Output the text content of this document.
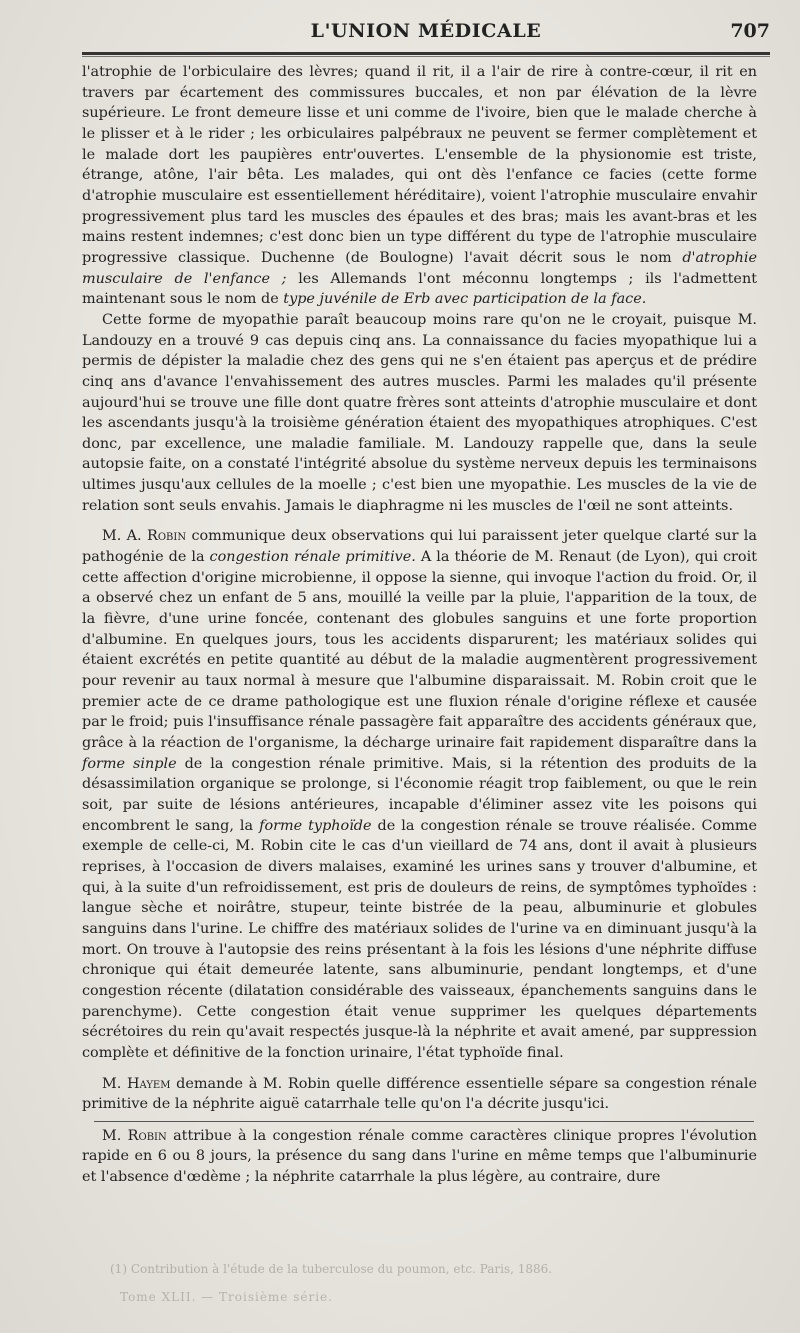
L'UNION MÉDICALE	707

l'atrophie de l'orbiculaire des lèvres; quand il rit, il a l'air de rire à contre-cœur, il rit en travers par écartement des commissures buccales, et non par élévation de la lèvre supérieure. Le front demeure lisse et uni comme de l'ivoire, bien que le malade cherche à le plisser et à le rider ; les orbiculaires palpébraux ne peuvent se fermer complètement et le malade dort les paupières entr'ouvertes. L'ensemble de la physionomie est triste, étrange, atône, l'air bêta. Les malades, qui ont dès l'enfance ce facies (cette forme d'atrophie musculaire est essentiellement héréditaire), voient l'atrophie musculaire envahir progressivement plus tard les muscles des épaules et des bras; mais les avant-bras et les mains restent indemnes; c'est donc bien un type différent du type de l'atrophie musculaire progressive classique. Duchenne (de Boulogne) l'avait décrit sous le nom d'atrophie musculaire de l'enfance ; les Allemands l'ont méconnu longtemps ; ils l'admettent maintenant sous le nom de type juvénile de Erb avec participation de la face.

Cette forme de myopathie paraît beaucoup moins rare qu'on ne le croyait, puisque M. Landouzy en a trouvé 9 cas depuis cinq ans. La connaissance du facies myopathique lui a permis de dépister la maladie chez des gens qui ne s'en étaient pas aperçus et de prédire cinq ans d'avance l'envahissement des autres muscles. Parmi les malades qu'il présente aujourd'hui se trouve une fille dont quatre frères sont atteints d'atrophie musculaire et dont les ascendants jusqu'à la troisième génération étaient des myopathiques atrophiques. C'est donc, par excellence, une maladie familiale. M. Landouzy rappelle que, dans la seule autopsie faite, on a constaté l'intégrité absolue du système nerveux depuis les terminaisons ultimes jusqu'aux cellules de la moelle ; c'est bien une myopathie. Les muscles de la vie de relation sont seuls envahis. Jamais le diaphragme ni les muscles de l'œil ne sont atteints.

M. A. Robin communique deux observations qui lui paraissent jeter quelque clarté sur la pathogénie de la congestion rénale primitive. A la théorie de M. Renaut (de Lyon), qui croit cette affection d'origine microbienne, il oppose la sienne, qui invoque l'action du froid. Or, il a observé chez un enfant de 5 ans, mouillé la veille par la pluie, l'apparition de la toux, de la fièvre, d'une urine foncée, contenant des globules sanguins et une forte proportion d'albumine. En quelques jours, tous les accidents disparurent; les matériaux solides qui étaient excrétés en petite quantité au début de la maladie augmentèrent progressivement pour revenir au taux normal à mesure que l'albumine disparaissait. M. Robin croit que le premier acte de ce drame pathologique est une fluxion rénale d'origine réflexe et causée par le froid; puis l'insuffisance rénale passagère fait apparaître des accidents généraux que, grâce à la réaction de l'organisme, la décharge urinaire fait rapidement disparaître dans la forme sinple de la congestion rénale primitive. Mais, si la rétention des produits de la désassimilation organique se prolonge, si l'économie réagit trop faiblement, ou que le rein soit, par suite de lésions antérieures, incapable d'éliminer assez vite les poisons qui encombrent le sang, la forme typhoïde de la congestion rénale se trouve réalisée. Comme exemple de celle-ci, M. Robin cite le cas d'un vieillard de 74 ans, dont il avait à plusieurs reprises, à l'occasion de divers malaises, examiné les urines sans y trouver d'albumine, et qui, à la suite d'un refroidissement, est pris de douleurs de reins, de symptômes typhoïdes : langue sèche et noirâtre, stupeur, teinte bistrée de la peau, albuminurie et globules sanguins dans l'urine. Le chiffre des matériaux solides de l'urine va en diminuant jusqu'à la mort. On trouve à l'autopsie des reins présentant à la fois les lésions d'une néphrite diffuse chronique qui était demeurée latente, sans albuminurie, pendant longtemps, et d'une congestion récente (dilatation considérable des vaisseaux, épanchements sanguins dans le parenchyme). Cette congestion était venue supprimer les quelques départements sécrétoires du rein qu'avait respectés jusque-là la néphrite et avait amené, par suppression complète et définitive de la fonction urinaire, l'état typhoïde final.

M. Hayem demande à M. Robin quelle différence essentielle sépare sa congestion rénale primitive de la néphrite aiguë catarrhale telle qu'on l'a décrite jusqu'ici.

M. Robin attribue à la congestion rénale comme caractères clinique propres l'évolution rapide en 6 ou 8 jours, la présence du sang dans l'urine en même temps que l'albuminurie et l'absence d'œdème ; la néphrite catarrhale la plus légère, au contraire, dure

(1) Contribution à l'étude de la tuberculose du poumon, etc. Paris, 1886.
Tome XLII. — Troisième série.
